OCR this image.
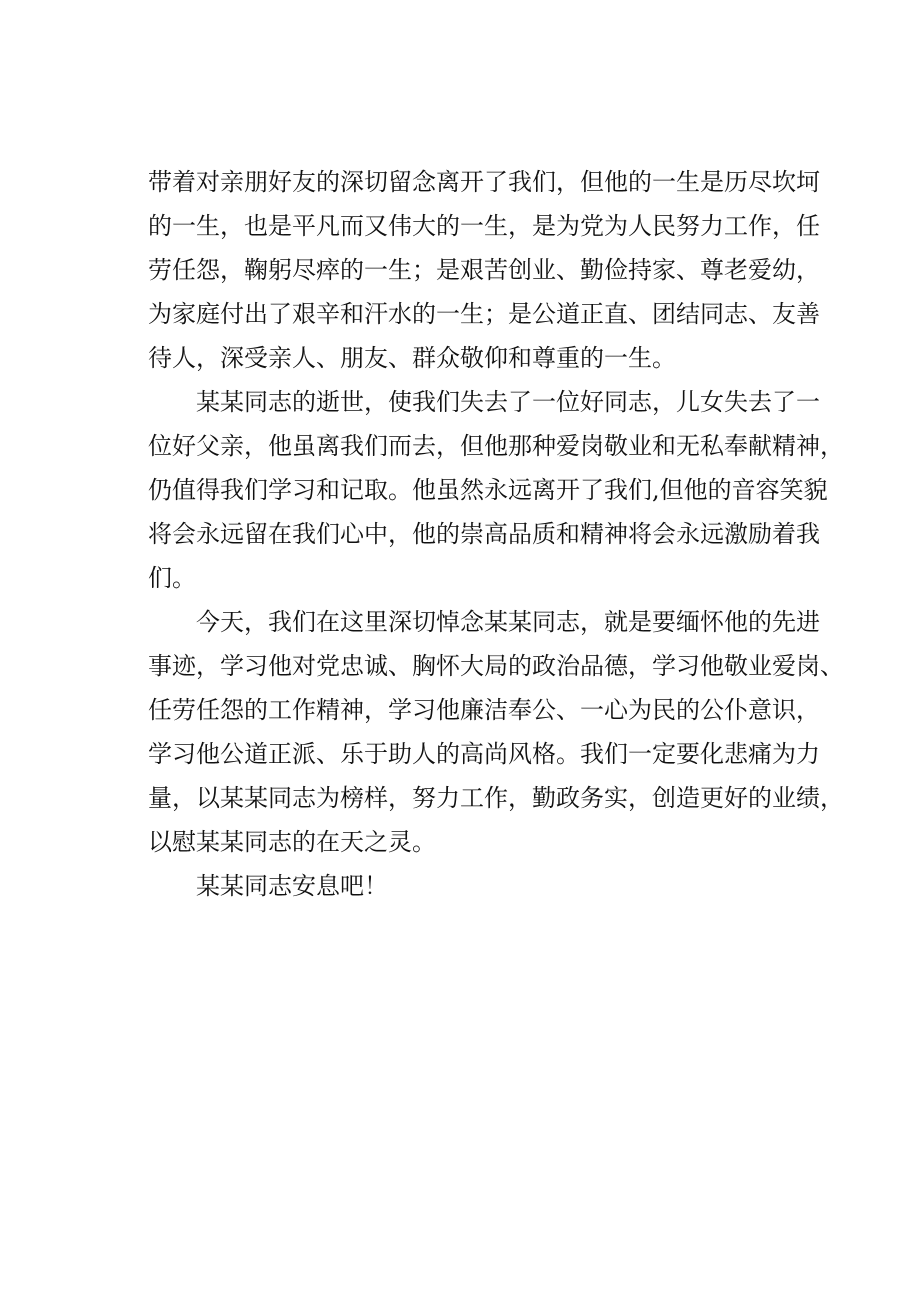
带着对亲朋好友的深切留念离开了我们，但他的一生是历尽坎坷
的一生，也是平凡而又伟大的一生，是为党为人民努力工作，任
劳任怨，鞠躬尽瘁的一生；是艰苦创业、勤俭持家、尊老爱幼，
为家庭付出了艰辛和汗水的一生；是公道正直、团结同志、友善
待人，深受亲人、朋友、群众敬仰和尊重的一生。
　　某某同志的逝世，使我们失去了一位好同志，儿女失去了一
位好父亲，他虽离我们而去，但他那种爱岗敬业和无私奉献精神，
仍值得我们学习和记取。他虽然永远离开了我们,但他的音容笑貌
将会永远留在我们心中，他的崇高品质和精神将会永远激励着我
们。
　　今天，我们在这里深切悼念某某同志，就是要缅怀他的先进
事迹，学习他对党忠诚、胸怀大局的政治品德，学习他敬业爱岗、
任劳任怨的工作精神，学习他廉洁奉公、一心为民的公仆意识，
学习他公道正派、乐于助人的高尚风格。我们一定要化悲痛为力
量，以某某同志为榜样，努力工作，勤政务实，创造更好的业绩，
以慰某某同志的在天之灵。
　　某某同志安息吧！
